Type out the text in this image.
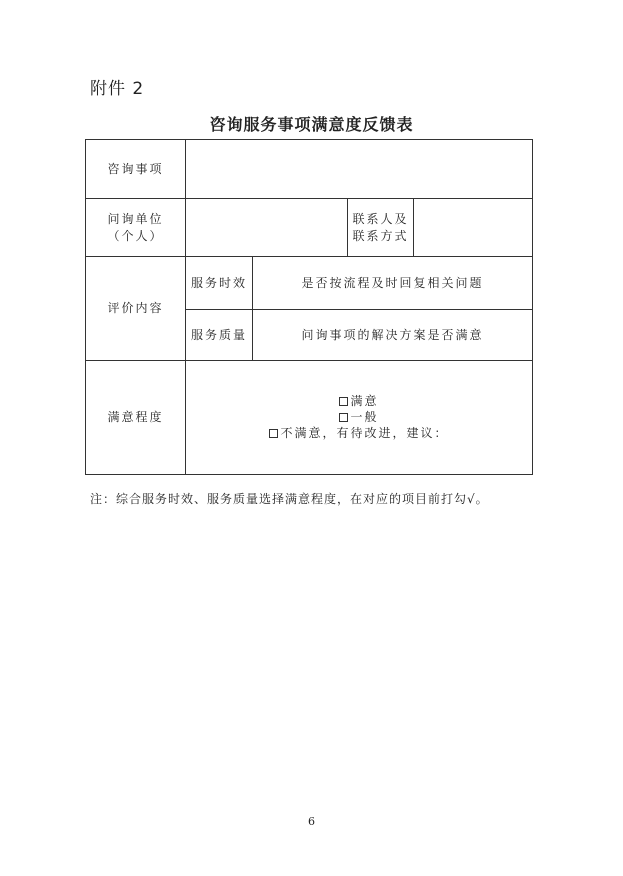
附件 2
咨询服务事项满意度反馈表
咨询事项
问询单位
（个人）
联系人及
联系方式
评价内容
服务时效	是否按流程及时回复相关问题
服务质量	问询事项的解决方案是否满意
满意程度
满意
一般
不满意，有待改进，建议：
注：综合服务时效、服务质量选择满意程度，在对应的项目前打勾√。
6
